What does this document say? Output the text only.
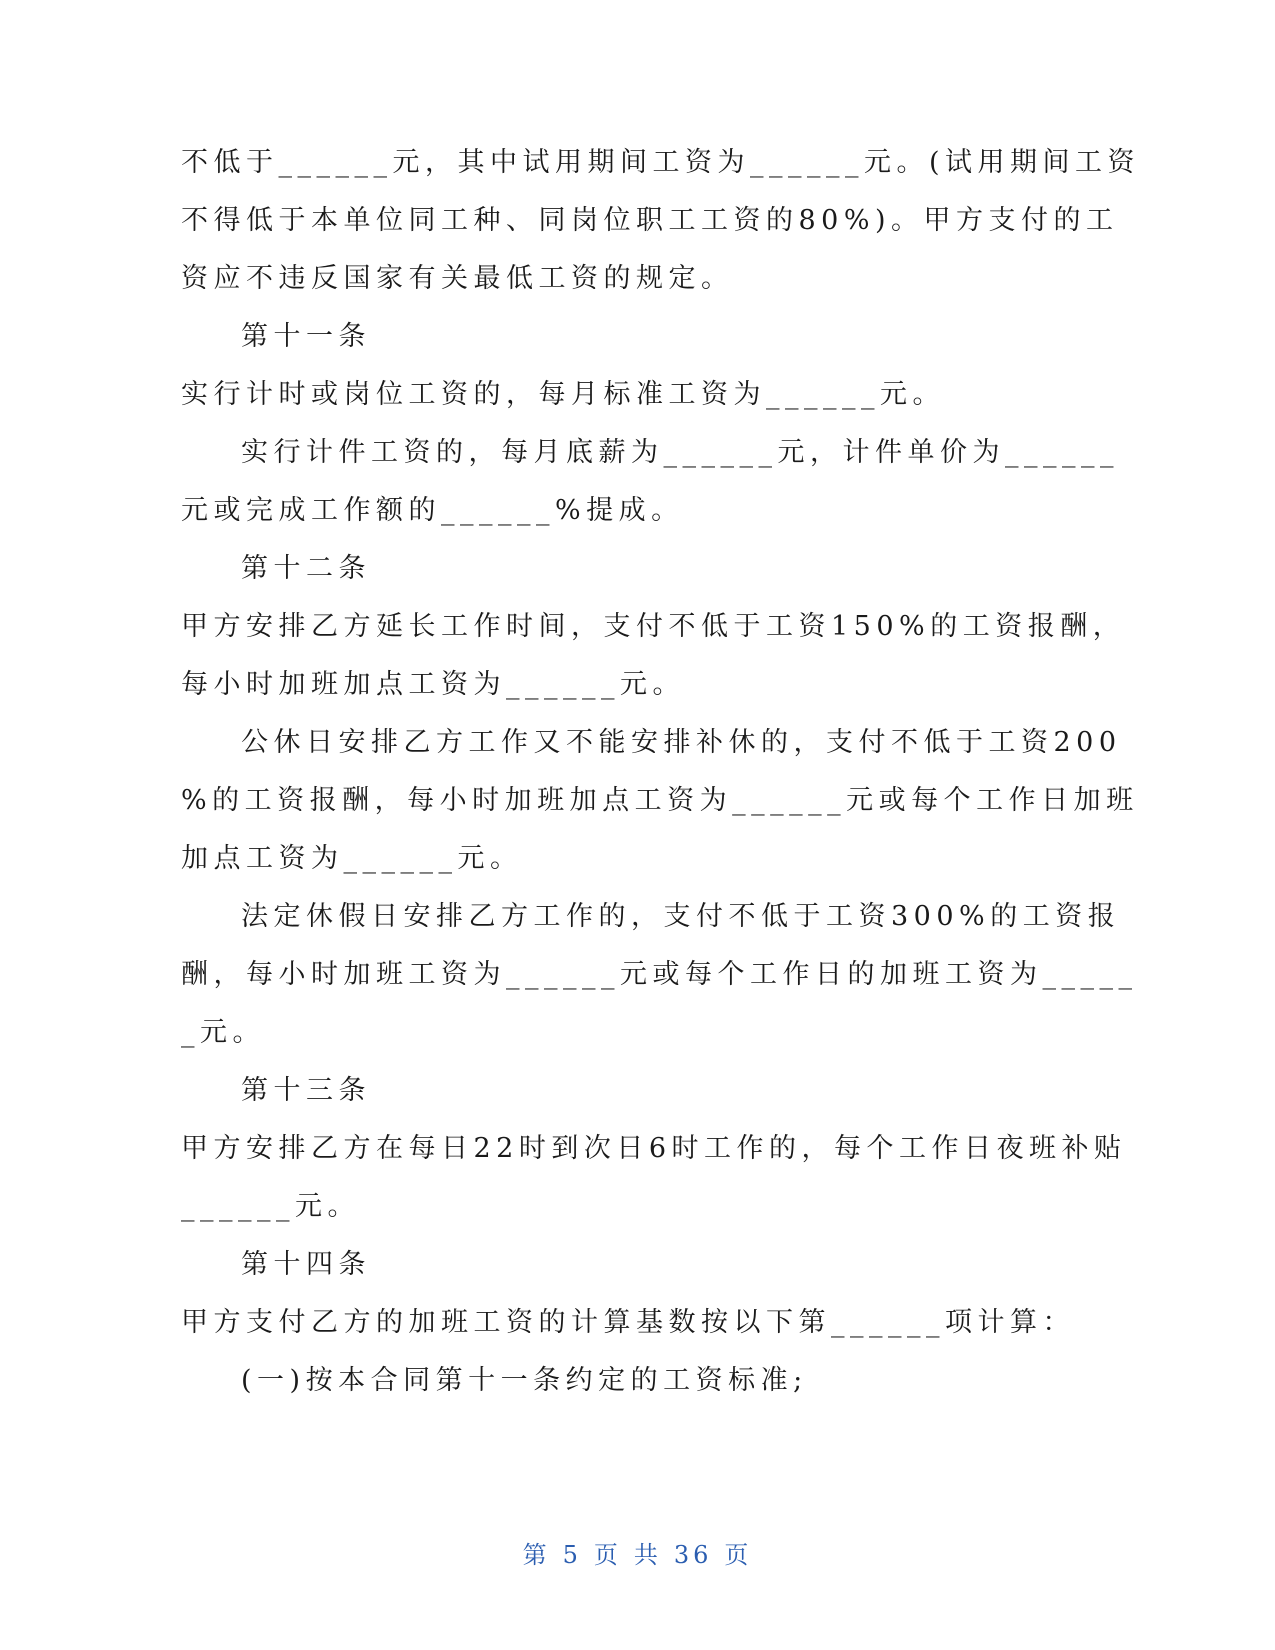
不低于______元，其中试用期间工资为______元。(试用期间工资
不得低于本单位同工种、同岗位职工工资的80%)。甲方支付的工
资应不违反国家有关最低工资的规定。
第十一条
实行计时或岗位工资的，每月标准工资为______元。
实行计件工资的，每月底薪为______元，计件单价为______
元或完成工作额的______%提成。
第十二条
甲方安排乙方延长工作时间，支付不低于工资150%的工资报酬，
每小时加班加点工资为______元。
公休日安排乙方工作又不能安排补休的，支付不低于工资200
%的工资报酬，每小时加班加点工资为______元或每个工作日加班
加点工资为______元。
法定休假日安排乙方工作的，支付不低于工资300%的工资报
酬，每小时加班工资为______元或每个工作日的加班工资为_____
_元。
第十三条
甲方安排乙方在每日22时到次日6时工作的，每个工作日夜班补贴
______元。
第十四条
甲方支付乙方的加班工资的计算基数按以下第______项计算：
(一)按本合同第十一条约定的工资标准;
第 5 页 共 36 页
